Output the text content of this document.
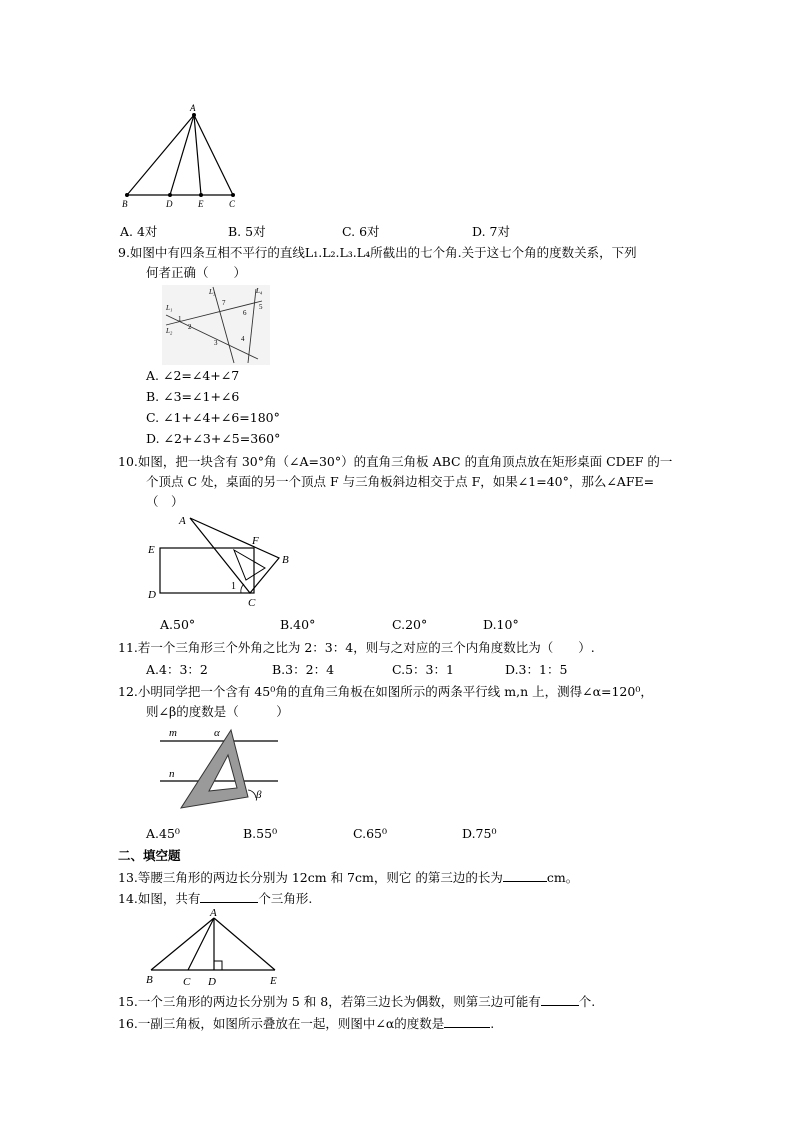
A
B	D	E	C
A. 4对	B. 5对	C. 6对	D. 7对
9.如图中有四条互相不平行的直线L₁.L₂.L₃.L₄所截出的七个角.关于这七个角的度数关系，下列
何者正确（　　）
L₃	L₄
L₁
L₂
1
2
3	4
5
6
7
A. ∠2=∠4+∠7
B. ∠3=∠1+∠6
C. ∠1+∠4+∠6=180°
D. ∠2+∠3+∠5=360°
10.如图，把一块含有 30°角（∠A=30°）的直角三角板 ABC 的直角顶点放在矩形桌面 CDEF 的一
个顶点 C 处，桌面的另一个顶点 F 与三角板斜边相交于点 F，如果∠1=40°，那么∠AFE=
（　）
A
F
B
E
D
1
C
A.50°	B.40°	C.20°	D.10°
11.若一个三角形三个外角之比为 2：3：4，则与之对应的三个内角度数比为（　　）.
A.4：3：2	B.3：2：4	C.5：3：1	D.3：1：5
12.小明同学把一个含有 45⁰角的直角三角板在如图所示的两条平行线 m,n 上，测得∠α=120⁰，
则∠β的度数是（　　　）
m	α
n
β
A.45⁰	B.55⁰	C.65⁰	D.75⁰
二、填空题
13.等腰三角形的两边长分别为 12cm 和 7cm，则它 的第三边的长为	cm。
14.如图，共有	个三角形.
A
B	C D	E
15.一个三角形的两边长分别为 5 和 8，若第三边长为偶数，则第三边可能有	个.
16.一副三角板，如图所示叠放在一起，则图中∠α的度数是	.
